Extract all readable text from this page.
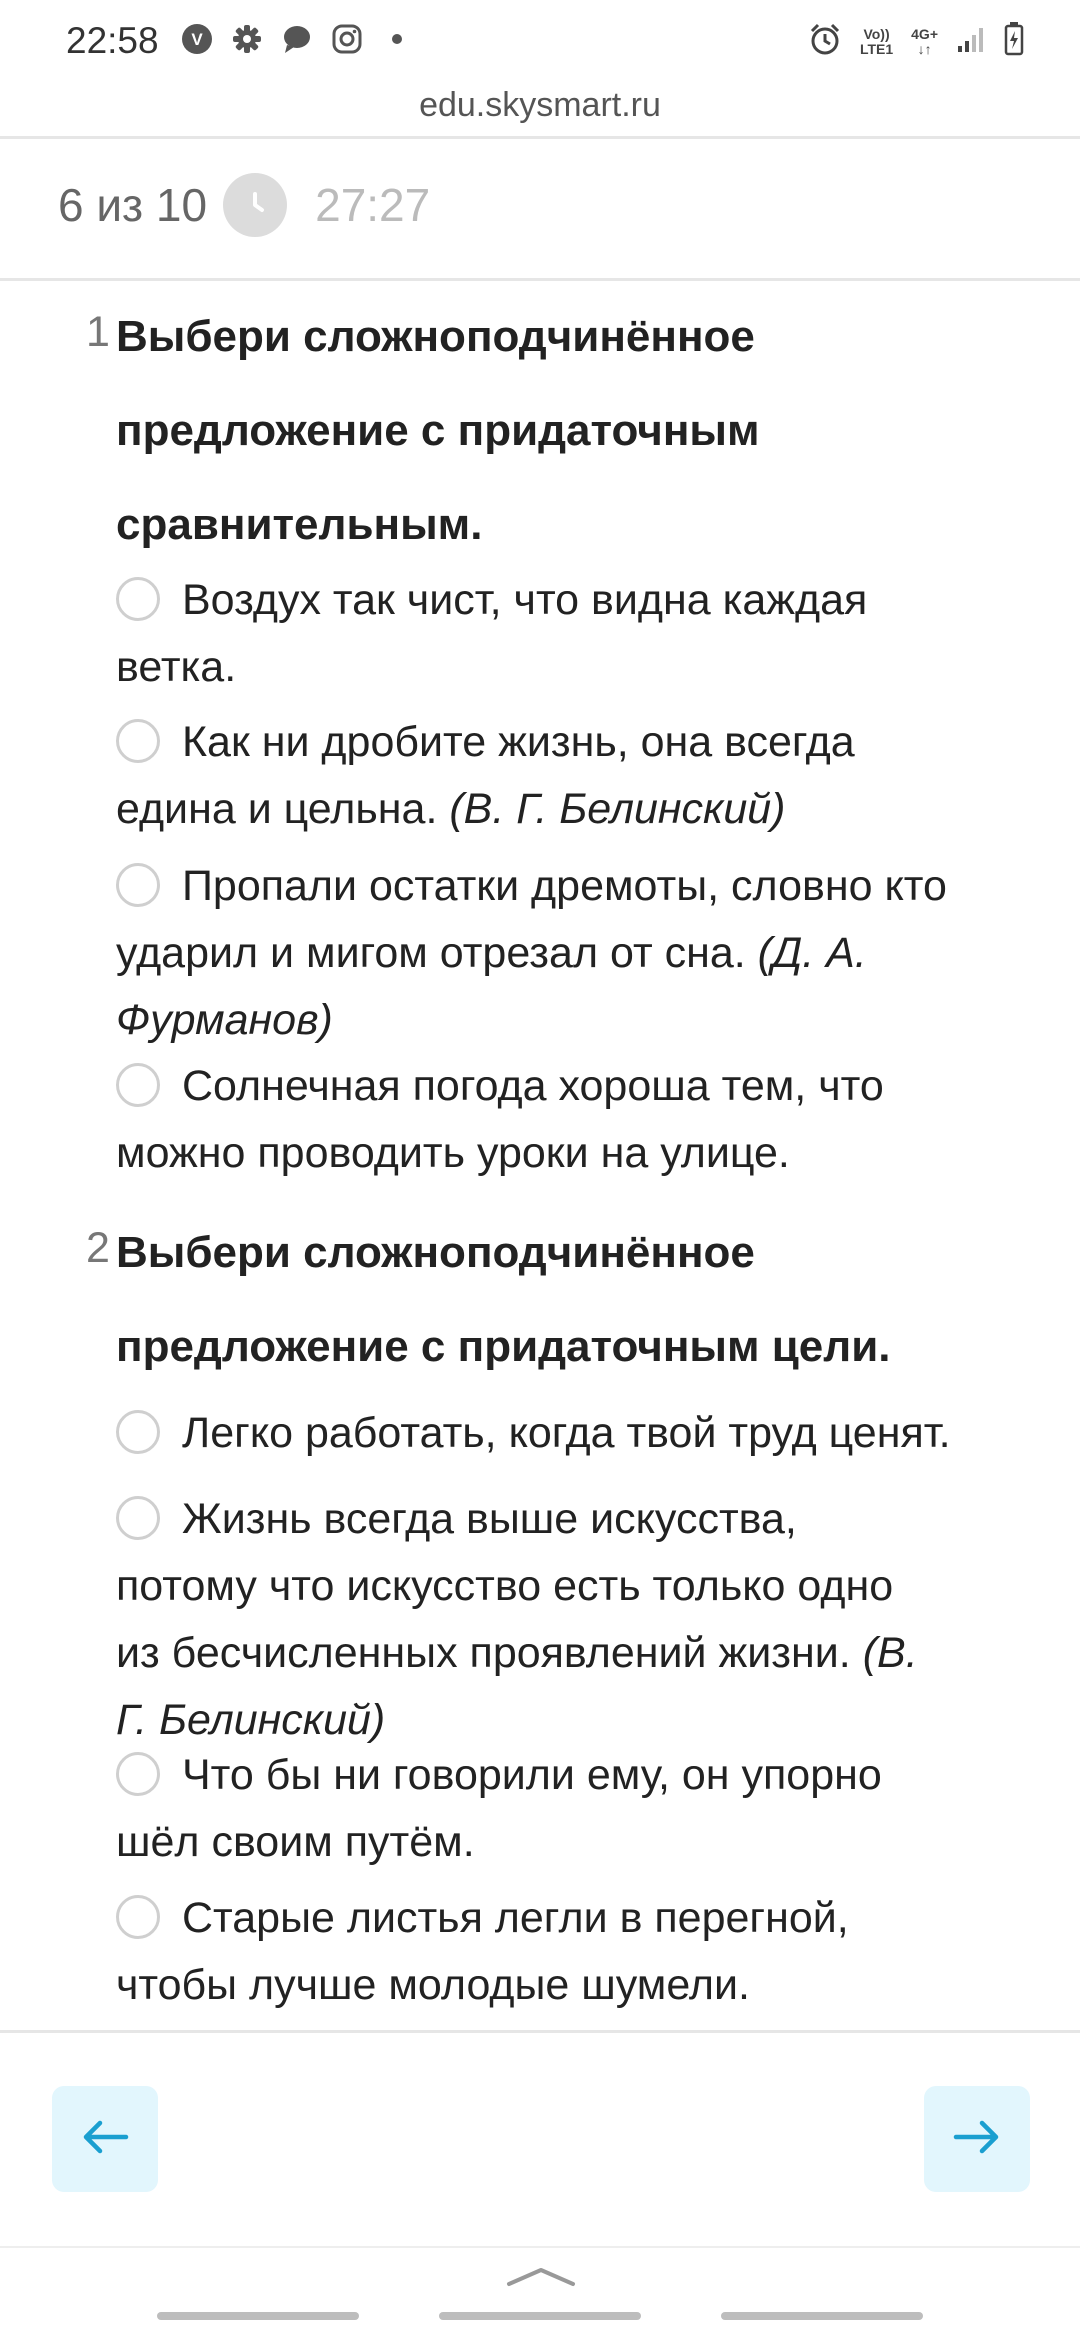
22:58 V	Vo))
LTE1
4G+
↓↑
edu.skysmart.ru
6 из 10 27:27
1 Выбери сложноподчинённое
предложение с придаточным
сравнительным.
Воздух так чист, что видна каждая
ветка.
Как ни дробите жизнь, она всегда
едина и цельна. (В. Г. Белинский)
Пропали остатки дремоты, словно кто
ударил и мигом отрезал от сна. (Д. А.
Фурманов)
Солнечная погода хороша тем, что
можно проводить уроки на улице.
2 Выбери сложноподчинённое
предложение с придаточным цели.
Легко работать, когда твой труд ценят.
Жизнь всегда выше искусства,
потому что искусство есть только одно
из бесчисленных проявлений жизни. (В.
Г. Белинский)
Что бы ни говорили ему, он упорно
шёл своим путём.
Старые листья легли в перегной,
чтобы лучше молодые шумели.
